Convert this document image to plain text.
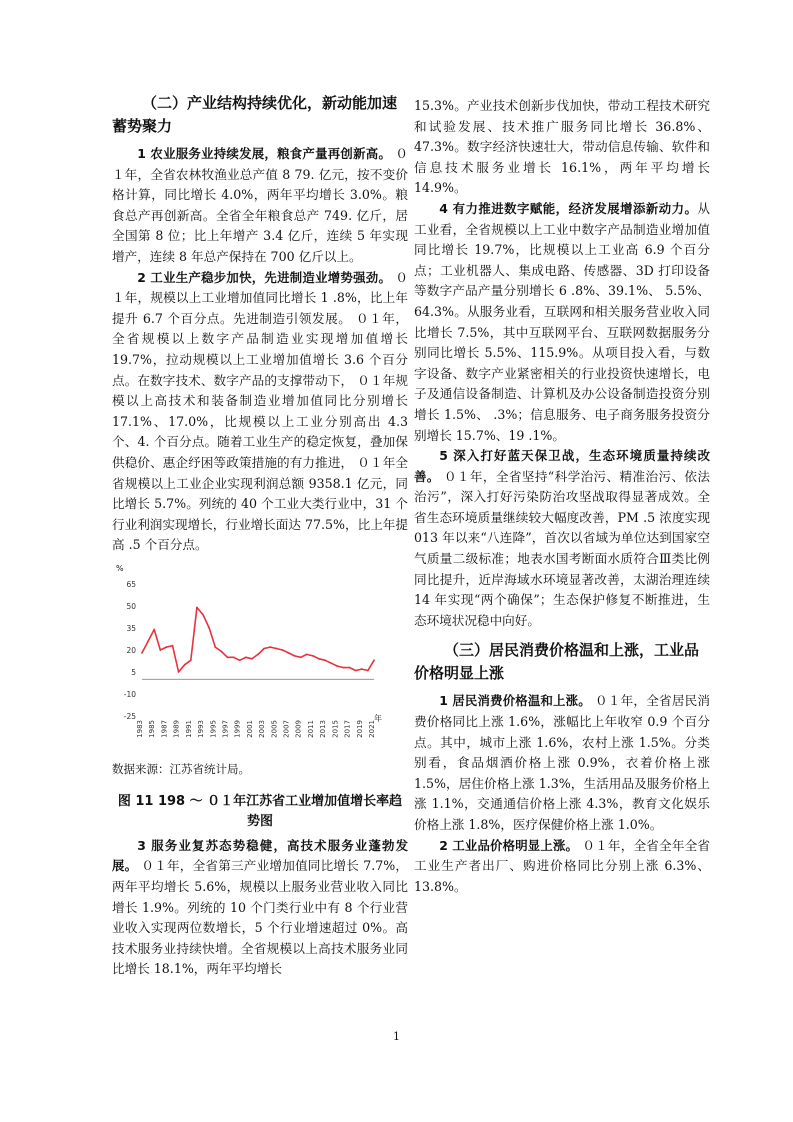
（二）产业结构持续优化，新动能加速蓄势聚力

1 农业服务业持续发展，粮食产量再创新高。 ０１年，全省农林牧渔业总产值 8 79. 亿元，按不变价格计算，同比增长 4.0%，两年平均增长 3.0%。粮食总产再创新高。全省全年粮食总产 749. 亿斤，居全国第 8 位；比上年增产 3.4 亿斤，连续 5 年实现增产，连续 8 年总产保持在 700 亿斤以上。

2 工业生产稳步加快，先进制造业增势强劲。 ０１年，规模以上工业增加值同比增长 1 .8%，比上年提升 6.7 个百分点。先进制造引领发展。 ０１年，全省规模以上数字产品制造业实现增加值增长 19.7%，拉动规模以上工业增加值增长 3.6 个百分点。在数字技术、数字产品的支撑带动下， ０１年规模以上高技术和装备制造业增加值同比分别增长 17.1%、17.0%，比规模以上工业分别高出 4.3 个、4. 个百分点。随着工业生产的稳定恢复，叠加保供稳价、惠企纾困等政策措施的有力推进， ０１年全省规模以上工业企业实现利润总额 9358.1 亿元，同比增长 5.7%。列统的 40 个工业大类行业中，31 个行业利润实现增长，行业增长面达 77.5%，比上年提高 .5 个百分点。

-25
-10
5
20
35
50
65
1983 1985 1987 1989 1991 1993 1995 1997 1999 2001 2003 2005 2007 2009 2011 2013 2015 2017 2019 2021
%
年
数据来源：江苏省统计局。
图 11 198 ～ ０１年江苏省工业增加值增长率趋势图

3 服务业复苏态势稳健，高技术服务业蓬勃发展。 ０１年，全省第三产业增加值同比增长 7.7%，两年平均增长 5.6%，规模以上服务业营业收入同比增长 1.9%。列统的 10 个门类行业中有 8 个行业营业收入实现两位数增长，5 个行业增速超过 0%。高技术服务业持续快增。全省规模以上高技术服务业同比增长 18.1%，两年平均增长

15.3%。产业技术创新步伐加快，带动工程技术研究和试验发展、技术推广服务同比增长 36.8%、47.3%。数字经济快速壮大，带动信息传输、软件和信息技术服务业增长 16.1%，两年平均增长 14.9%。

4 有力推进数字赋能，经济发展增添新动力。从工业看，全省规模以上工业中数字产品制造业增加值同比增长 19.7%，比规模以上工业高 6.9 个百分点；工业机器人、集成电路、传感器、3D 打印设备等数字产品产量分别增长 6 .8%、39.1%、 5.5%、64.3%。从服务业看，互联网和相关服务营业收入同比增长 7.5%，其中互联网平台、互联网数据服务分别同比增长 5.5%、115.9%。从项目投入看，与数字设备、数字产业紧密相关的行业投资快速增长，电子及通信设备制造、计算机及办公设备制造投资分别增长 1.5%、 .3%；信息服务、电子商务服务投资分别增长 15.7%、19 .1%。

5 深入打好蓝天保卫战，生态环境质量持续改善。 ０１年，全省坚持“科学治污、精准治污、依法治污”，深入打好污染防治攻坚战取得显著成效。全省生态环境质量继续较大幅度改善，PM .5 浓度实现 013 年以来“八连降”，首次以省域为单位达到国家空气质量二级标准；地表水国考断面水质符合Ⅲ类比例同比提升，近岸海域水环境显著改善，太湖治理连续 14 年实现“两个确保”；生态保护修复不断推进，生态环境状况稳中向好。

（三）居民消费价格温和上涨，工业品价格明显上涨

1 居民消费价格温和上涨。 ０１年，全省居民消费价格同比上涨 1.6%，涨幅比上年收窄 0.9 个百分点。其中，城市上涨 1.6%，农村上涨 1.5%。分类别看，食品烟酒价格上涨 0.9%，衣着价格上涨 1.5%，居住价格上涨 1.3%，生活用品及服务价格上涨 1.1%，交通通信价格上涨 4.3%，教育文化娱乐价格上涨 1.8%，医疗保健价格上涨 1.0%。

2 工业品价格明显上涨。 ０１年，全省全年全省工业生产者出厂、购进价格同比分别上涨 6.3%、13.8%。

1
